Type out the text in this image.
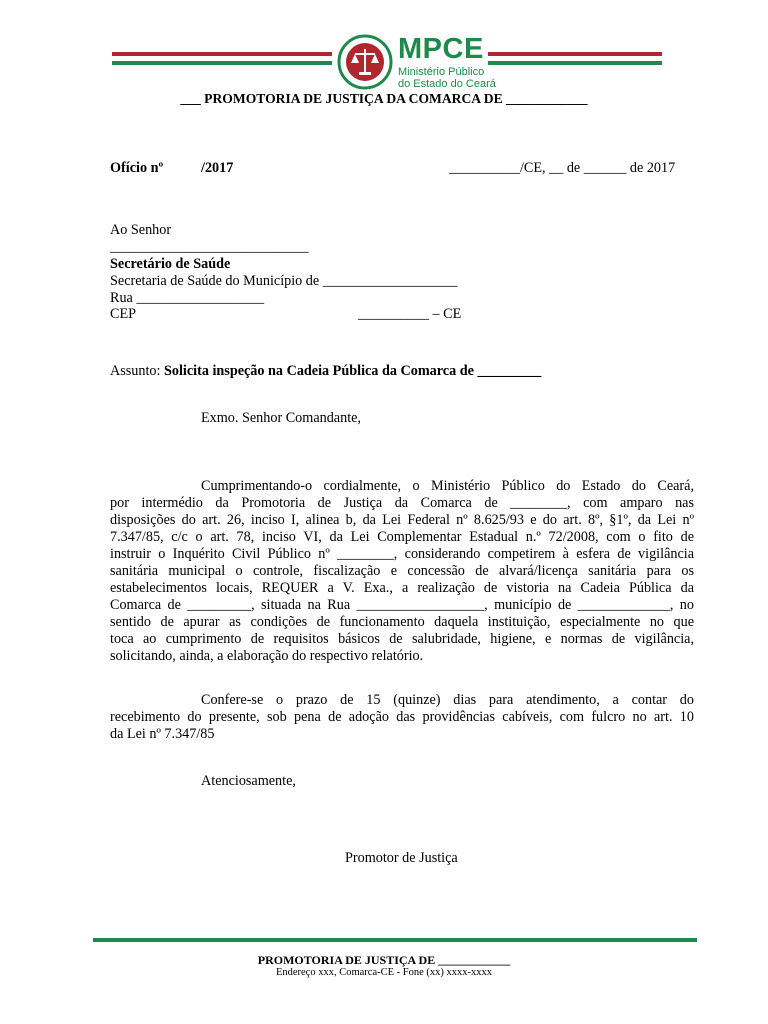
MPCE
Ministério Público
do Estado do Ceará
___ PROMOTORIA DE JUSTIÇA DA COMARCA DE ____________
Ofício nº	/2017	__________/CE, __ de ______ de 2017
Ao Senhor
____________________________
Secretário de Saúde
Secretaria de Saúde do Município de ___________________
Rua __________________
CEP	__________ – CE
Assunto: Solicita inspeção na Cadeia Pública da Comarca de _________
Exmo. Senhor Comandante,
Cumprimentando-o cordialmente, o Ministério Público do Estado do Ceará,
por intermédio da Promotoria de Justiça da Comarca de ________, com amparo nas
disposições do art. 26, inciso I, alinea b, da Lei Federal nº 8.625/93 e do art. 8º, §1º, da Lei nº
7.347/85, c/c o art. 78, inciso VI, da Lei Complementar Estadual n.º 72/2008, com o fito de
instruir o Inquérito Civil Público nº ________, considerando competirem à esfera de vigilância
sanitária municipal o controle, fiscalização e concessão de alvará/licença sanitária para os
estabelecimentos locais, REQUER a V. Exa., a realização de vistoria na Cadeia Pública da
Comarca de _________, situada na Rua __________________, município de _____________, no
sentido de apurar as condições de funcionamento daquela instituição, especialmente no que
toca ao cumprimento de requisitos básicos de salubridade, higiene, e normas de vigilância,
solicitando, ainda, a elaboração do respectivo relatório.
Confere-se o prazo de 15 (quinze) dias para atendimento, a contar do
recebimento do presente, sob pena de adoção das providências cabíveis, com fulcro no art. 10
da Lei nº 7.347/85
Atenciosamente,
Promotor de Justiça
PROMOTORIA DE JUSTIÇA DE ____________
Endereço xxx, Comarca-CE - Fone (xx) xxxx-xxxx
